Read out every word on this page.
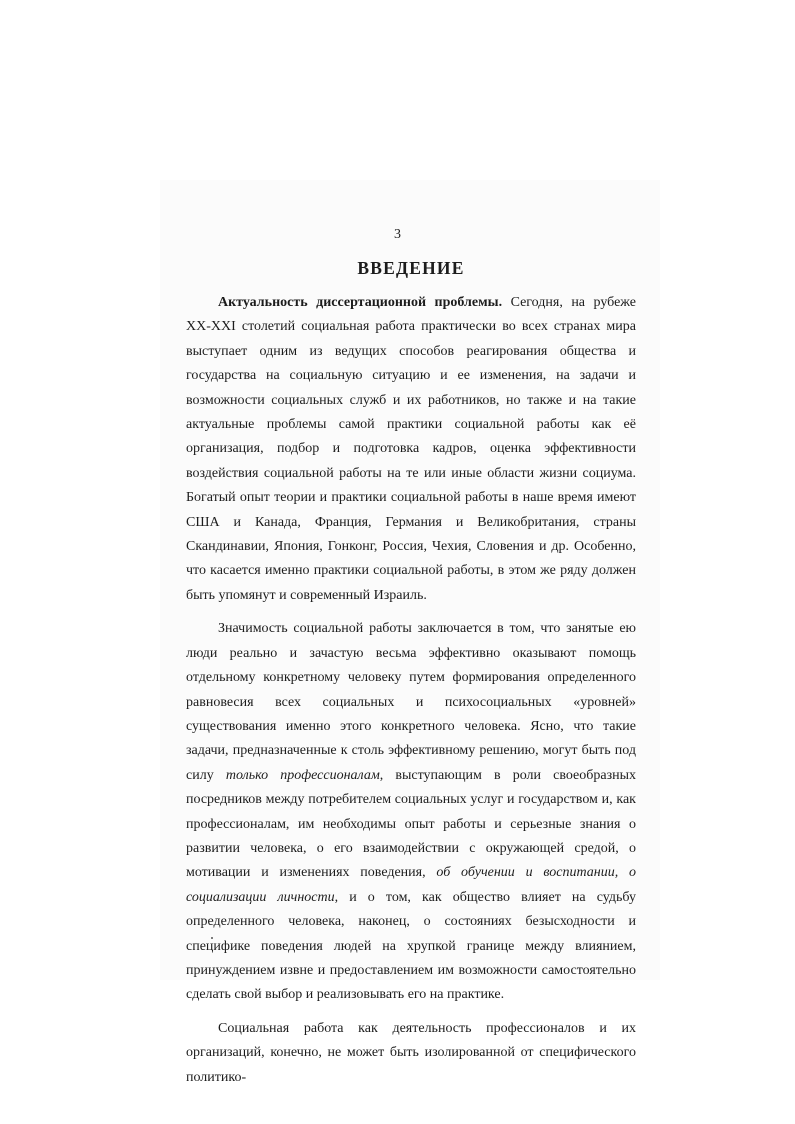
3

ВВЕДЕНИЕ

Актуальность диссертационной проблемы. Сегодня, на рубеже XX-XXI столетий социальная работа практически во всех странах мира выступает одним из ведущих способов реагирования общества и государства на социальную ситуацию и ее изменения, на задачи и возможности социальных служб и их работников, но также и на такие актуальные проблемы самой практики социальной работы как её организация, подбор и подготовка кадров, оценка эффективности воздействия социальной работы на те или иные области жизни социума. Богатый опыт теории и практики социальной работы в наше время имеют США и Канада, Франция, Германия и Великобритания, страны Скандинавии, Япония, Гонконг, Россия, Чехия, Словения и др. Особенно, что касается именно практики социальной работы, в этом же ряду должен быть упомянут и современный Израиль.

Значимость социальной работы заключается в том, что занятые ею люди реально и зачастую весьма эффективно оказывают помощь отдельному конкретному человеку путем формирования определенного равновесия всех социальных и психосоциальных «уровней» существования именно этого конкретного человека. Ясно, что такие задачи, предназначенные к столь эффективному решению, могут быть под силу только профессионалам, выступающим в роли своеобразных посредников между потребителем социальных услуг и государством и, как профессионалам, им необходимы опыт работы и серьезные знания о развитии человека, о его взаимодействии с окружающей средой, о мотивации и изменениях поведения, об обучении и воспитании, о социализации личности, и о том, как общество влияет на судьбу определенного человека, наконец, о состояниях безысходности и специфике поведения людей на хрупкой границе между влиянием, принуждением извне и предоставлением им возможности самостоятельно сделать свой выбор и реализовывать его на практике.

Социальная работа как деятельность профессионалов и их организаций, конечно, не может быть изолированной от специфического политико-
